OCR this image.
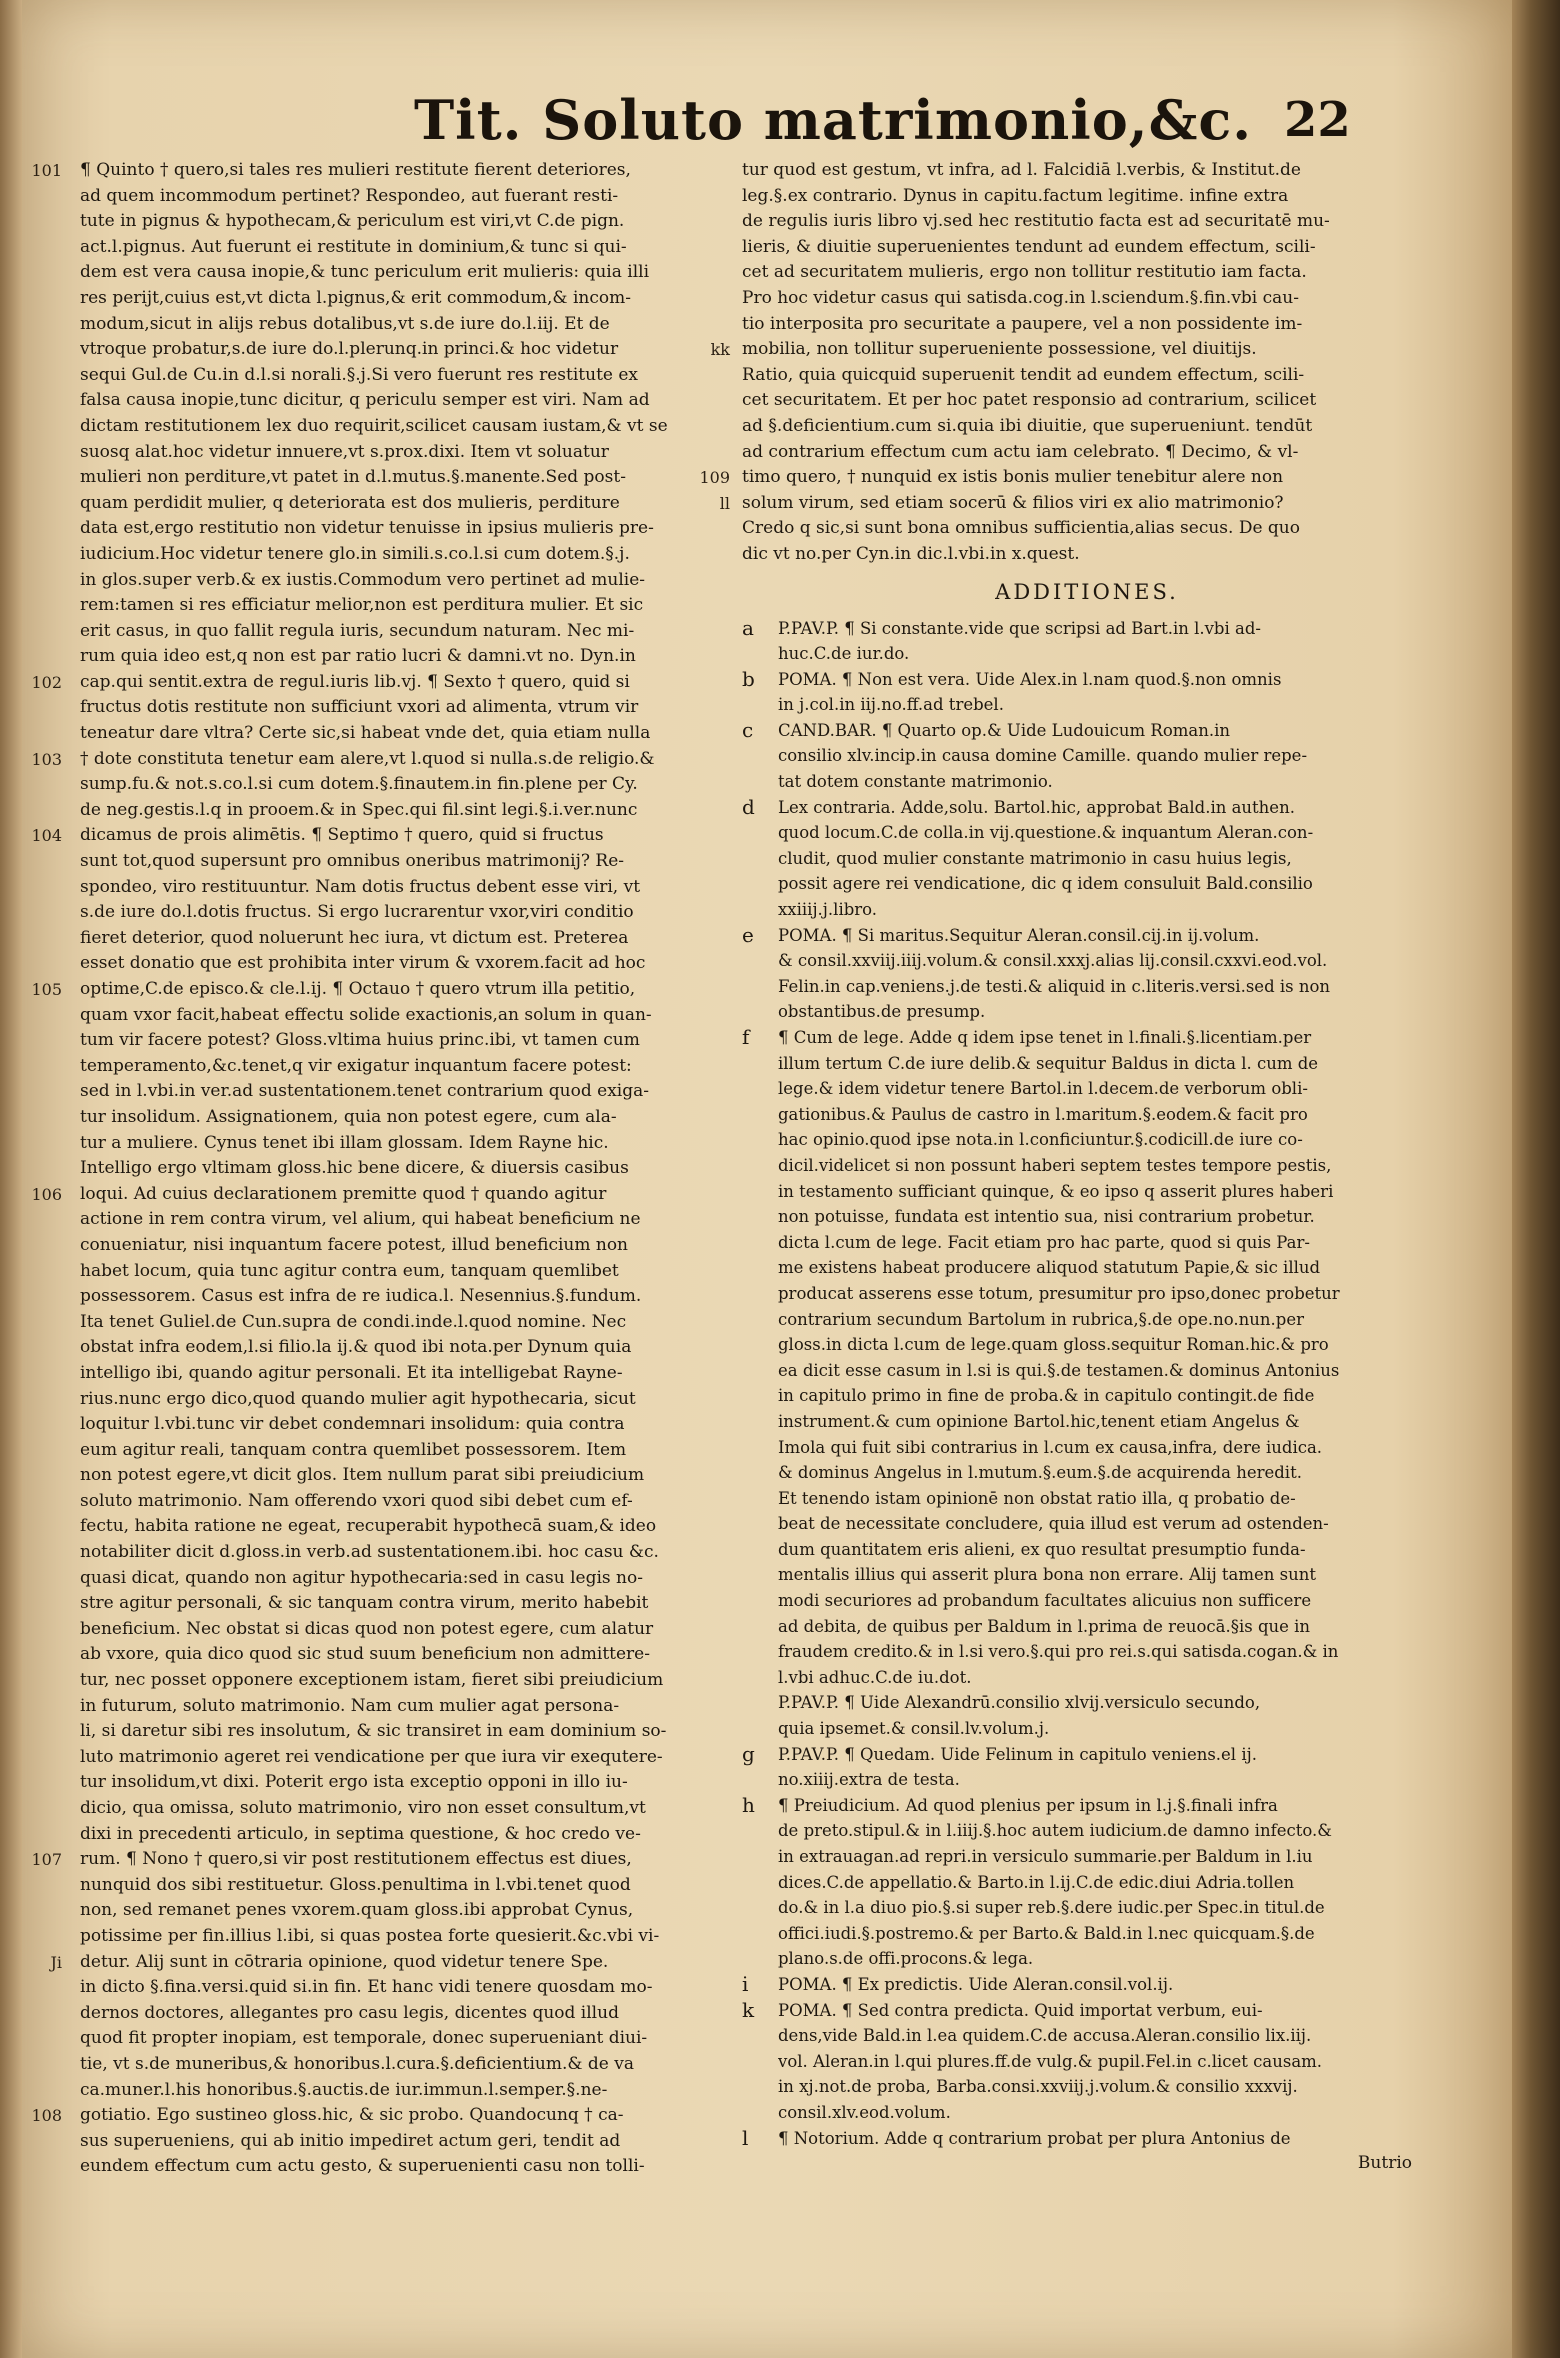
Tit. Soluto matrimonio,&c. 22
101 ¶ Quinto † quero,si tales res mulieri restitute fierent deteriores,
ad quem incommodum pertinet? Respondeo, aut fuerant resti-
tute in pignus & hypothecam,& periculum est viri,vt C.de pign.
act.l.pignus. Aut fuerunt ei restitute in dominium,& tunc si qui-
dem est vera causa inopie,& tunc periculum erit mulieris: quia illi
res perijt,cuius est,vt dicta l.pignus,& erit commodum,& incom-
modum,sicut in alijs rebus dotalibus,vt s.de iure do.l.iij. Et de
vtroque probatur,s.de iure do.l.plerunq.in princi.& hoc videtur
sequi Gul.de Cu.in d.l.si norali.§.j.Si vero fuerunt res restitute ex
falsa causa inopie,tunc dicitur, q periculu semper est viri. Nam ad
dictam restitutionem lex duo requirit,scilicet causam iustam,& vt se
suosq alat.hoc videtur innuere,vt s.prox.dixi. Item vt soluatur
mulieri non perditure,vt patet in d.l.mutus.§.manente.Sed post-
quam perdidit mulier, q deteriorata est dos mulieris, perditure
data est,ergo restitutio non videtur tenuisse in ipsius mulieris pre-
iudicium.Hoc videtur tenere glo.in simili.s.co.l.si cum dotem.§.j.
in glos.super verb.& ex iustis.Commodum vero pertinet ad mulie-
rem:tamen si res efficiatur melior,non est perditura mulier. Et sic
erit casus, in quo fallit regula iuris, secundum naturam. Nec mi-
rum quia ideo est,q non est par ratio lucri & damni.vt no. Dyn.in
102 cap.qui sentit.extra de regul.iuris lib.vj. ¶ Sexto † quero, quid si
fructus dotis restitute non sufficiunt vxori ad alimenta, vtrum vir
teneatur dare vltra? Certe sic,si habeat vnde det, quia etiam nulla
103 † dote constituta tenetur eam alere,vt l.quod si nulla.s.de religio.&
sump.fu.& not.s.co.l.si cum dotem.§.finautem.in fin.plene per Cy.
de neg.gestis.l.q in prooem.& in Spec.qui fil.sint legi.§.i.ver.nunc
104 dicamus de prois alimētis. ¶ Septimo † quero, quid si fructus
sunt tot,quod supersunt pro omnibus oneribus matrimonij? Re-
spondeo, viro restituuntur. Nam dotis fructus debent esse viri, vt
s.de iure do.l.dotis fructus. Si ergo lucrarentur vxor,viri conditio
fieret deterior, quod noluerunt hec iura, vt dictum est. Preterea
esset donatio que est prohibita inter virum & vxorem.facit ad hoc
105 optime,C.de episco.& cle.l.ij. ¶ Octauo † quero vtrum illa petitio,
quam vxor facit,habeat effectu solide exactionis,an solum in quan-
tum vir facere potest? Gloss.vltima huius princ.ibi, vt tamen cum
temperamento,&c.tenet,q vir exigatur inquantum facere potest:
sed in l.vbi.in ver.ad sustentationem.tenet contrarium quod exiga-
tur insolidum. Assignationem, quia non potest egere, cum ala-
tur a muliere. Cynus tenet ibi illam glossam. Idem Rayne hic.
Intelligo ergo vltimam gloss.hic bene dicere, & diuersis casibus
106 loqui. Ad cuius declarationem premitte quod † quando agitur
actione in rem contra virum, vel alium, qui habeat beneficium ne
conueniatur, nisi inquantum facere potest, illud beneficium non
habet locum, quia tunc agitur contra eum, tanquam quemlibet
possessorem. Casus est infra de re iudica.l. Nesennius.§.fundum.
Ita tenet Guliel.de Cun.supra de condi.inde.l.quod nomine. Nec
obstat infra eodem,l.si filio.la ij.& quod ibi nota.per Dynum quia
intelligo ibi, quando agitur personali. Et ita intelligebat Rayne-
rius.nunc ergo dico,quod quando mulier agit hypothecaria, sicut
loquitur l.vbi.tunc vir debet condemnari insolidum: quia contra
eum agitur reali, tanquam contra quemlibet possessorem. Item
non potest egere,vt dicit glos. Item nullum parat sibi preiudicium
soluto matrimonio. Nam offerendo vxori quod sibi debet cum ef-
fectu, habita ratione ne egeat, recuperabit hypothecā suam,& ideo
notabiliter dicit d.gloss.in verb.ad sustentationem.ibi. hoc casu &c.
quasi dicat, quando non agitur hypothecaria:sed in casu legis no-
stre agitur personali, & sic tanquam contra virum, merito habebit
beneficium. Nec obstat si dicas quod non potest egere, cum alatur
ab vxore, quia dico quod sic stud suum beneficium non admittere-
tur, nec posset opponere exceptionem istam, fieret sibi preiudicium
in futurum, soluto matrimonio. Nam cum mulier agat persona-
li, si daretur sibi res insolutum, & sic transiret in eam dominium so-
luto matrimonio ageret rei vendicatione per que iura vir exequtere-
tur insolidum,vt dixi. Poterit ergo ista exceptio opponi in illo iu-
dicio, qua omissa, soluto matrimonio, viro non esset consultum,vt
dixi in precedenti articulo, in septima questione, & hoc credo ve-
107 rum. ¶ Nono † quero,si vir post restitutionem effectus est diues,
nunquid dos sibi restituetur. Gloss.penultima in l.vbi.tenet quod
non, sed remanet penes vxorem.quam gloss.ibi approbat Cynus,
potissime per fin.illius l.ibi, si quas postea forte quesierit.&c.vbi vi-
detur. Alij sunt in cōtraria opinione, quod videtur tenere Spe.
in dicto §.fina.versi.quid si.in fin. Et hanc vidi tenere quosdam mo-
dernos doctores, allegantes pro casu legis, dicentes quod illud
quod fit propter inopiam, est temporale, donec superueniant diui-
tie, vt s.de muneribus,& honoribus.l.cura.§.deficientium.& de va
ca.muner.l.his honoribus.§.auctis.de iur.immun.l.semper.§.ne-
Ji
108 gotiatio. Ego sustineo gloss.hic, & sic probo. Quandocunq † ca-
sus superueniens, qui ab initio impediret actum geri, tendit ad
eundem effectum cum actu gesto, & superuenienti casu non tolli-
tur quod est gestum, vt infra, ad l. Falcidiā l.verbis, & Institut.de
leg.§.ex contrario. Dynus in capitu.factum legitime. infine extra
de regulis iuris libro vj.sed hec restitutio facta est ad securitatē mu-
lieris, & diuitie superuenientes tendunt ad eundem effectum, scili-
cet ad securitatem mulieris, ergo non tollitur restitutio iam facta.
Pro hoc videtur casus qui satisda.cog.in l.sciendum.§.fin.vbi cau-
tio interposita pro securitate a paupere, vel a non possidente im-
mobilia, non tollitur superueniente possessione, vel diuitijs.
Ratio, quia quicquid superuenit tendit ad eundem effectum, scili-
cet securitatem. Et per hoc patet responsio ad contrarium, scilicet
ad §.deficientium.cum si.quia ibi diuitie, que superueniunt. tendūt
ad contrarium effectum cum actu iam celebrato. ¶ Decimo, & vl-
timo quero, † nunquid ex istis bonis mulier tenebitur alere non
solum virum, sed etiam socerū & filios viri ex alio matrimonio?
Credo q sic,si sunt bona omnibus sufficientia,alias secus. De quo
dic vt no.per Cyn.in dic.l.vbi.in x.quest.
kk
109
ll
ADDITIONES.
a	P.PAV.P. ¶ Si constante.vide que scripsi ad Bart.in l.vbi ad-
huc.C.de iur.do.
b	POMA. ¶ Non est vera. Uide Alex.in l.nam quod.§.non omnis
in j.col.in iij.no.ff.ad trebel.
c	CAND.BAR. ¶ Quarto op.& Uide Ludouicum Roman.in
consilio xlv.incip.in causa domine Camille. quando mulier repe-
tat dotem constante matrimonio.
d	Lex contraria. Adde,solu. Bartol.hic, approbat Bald.in authen.
quod locum.C.de colla.in vij.questione.& inquantum Aleran.con-
cludit, quod mulier constante matrimonio in casu huius legis,
possit agere rei vendicatione, dic q idem consuluit Bald.consilio
xxiiij.j.libro.
e	POMA. ¶ Si maritus.Sequitur Aleran.consil.cij.in ij.volum.
& consil.xxviij.iiij.volum.& consil.xxxj.alias lij.consil.cxxvi.eod.vol.
Felin.in cap.veniens.j.de testi.& aliquid in c.literis.versi.sed is non
obstantibus.de presump.
f	¶ Cum de lege. Adde q idem ipse tenet in l.finali.§.licentiam.per
illum tertum C.de iure delib.& sequitur Baldus in dicta l. cum de
lege.& idem videtur tenere Bartol.in l.decem.de verborum obli-
gationibus.& Paulus de castro in l.maritum.§.eodem.& facit pro
hac opinio.quod ipse nota.in l.conficiuntur.§.codicill.de iure co-
dicil.videlicet si non possunt haberi septem testes tempore pestis,
in testamento sufficiant quinque, & eo ipso q asserit plures haberi
non potuisse, fundata est intentio sua, nisi contrarium probetur.
dicta l.cum de lege. Facit etiam pro hac parte, quod si quis Par-
me existens habeat producere aliquod statutum Papie,& sic illud
producat asserens esse totum, presumitur pro ipso,donec probetur
contrarium secundum Bartolum in rubrica,§.de ope.no.nun.per
gloss.in dicta l.cum de lege.quam gloss.sequitur Roman.hic.& pro
ea dicit esse casum in l.si is qui.§.de testamen.& dominus Antonius
in capitulo primo in fine de proba.& in capitulo contingit.de fide
instrument.& cum opinione Bartol.hic,tenent etiam Angelus &
Imola qui fuit sibi contrarius in l.cum ex causa,infra, dere iudica.
& dominus Angelus in l.mutum.§.eum.§.de acquirenda heredit.
Et tenendo istam opinionē non obstat ratio illa, q probatio de-
beat de necessitate concludere, quia illud est verum ad ostenden-
dum quantitatem eris alieni, ex quo resultat presumptio funda-
mentalis illius qui asserit plura bona non errare. Alij tamen sunt
modi securiores ad probandum facultates alicuius non sufficere
ad debita, de quibus per Baldum in l.prima de reuocā.§is que in
fraudem credito.& in l.si vero.§.qui pro rei.s.qui satisda.cogan.& in
l.vbi adhuc.C.de iu.dot.
P.PAV.P. ¶ Uide Alexandrū.consilio xlvij.versiculo secundo,
quia ipsemet.& consil.lv.volum.j.
g	P.PAV.P. ¶ Quedam. Uide Felinum in capitulo veniens.el ij.
no.xiiij.extra de testa.
h	¶ Preiudicium. Ad quod plenius per ipsum in l.j.§.finali infra
de preto.stipul.& in l.iiij.§.hoc autem iudicium.de damno infecto.&
in extrauagan.ad repri.in versiculo summarie.per Baldum in l.iu
dices.C.de appellatio.& Barto.in l.ij.C.de edic.diui Adria.tollen
do.& in l.a diuo pio.§.si super reb.§.dere iudic.per Spec.in titul.de
offici.iudi.§.postremo.& per Barto.& Bald.in l.nec quicquam.§.de
plano.s.de offi.procons.& lega.
i	POMA. ¶ Ex predictis. Uide Aleran.consil.vol.ij.
k	POMA. ¶ Sed contra predicta. Quid importat verbum, eui-
dens,vide Bald.in l.ea quidem.C.de accusa.Aleran.consilio lix.iij.
vol. Aleran.in l.qui plures.ff.de vulg.& pupil.Fel.in c.licet causam.
in xj.not.de proba, Barba.consi.xxviij.j.volum.& consilio xxxvij.
consil.xlv.eod.volum.
l	¶ Notorium. Adde q contrarium probat per plura Antonius de
Butrio
